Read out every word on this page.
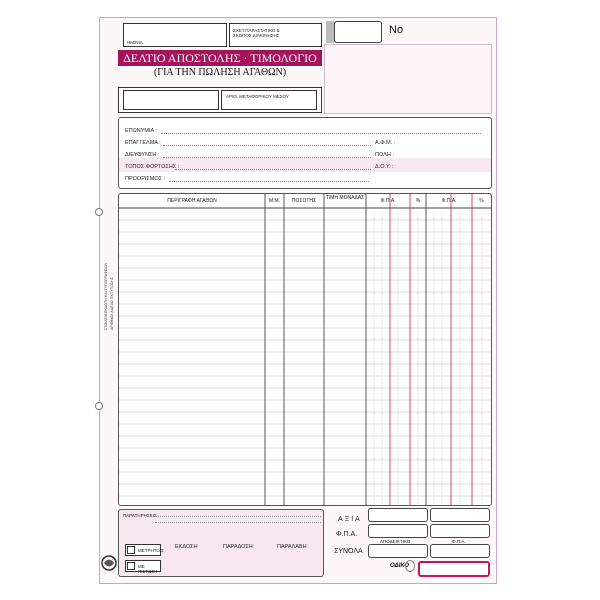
ΣΤΟΙΧΕΙΑ ΕΚΔΟΤΗ ΚΑΙ ΤΥΠΟΓΡΑΦΕΙΟΥ ΑΡΙΘΜΟΣ ΑΔΕΙΑΣ ΕΚΤΥΠΩΣΗΣ
ΗΜ/ΝΙΑ
ΣΧΕΤ.ΠΑΡΑΣΤΑΤΙΚΟ & ΣΚΟΠΟΣ ΔΙΑΚΙΝΗΣΗΣ
ΔΕΛΤΙΟ ΑΠΟΣΤΟΛΗΣ · ΤΙΜΟΛΟΓΙΟ
(ΓΙΑ ΤΗΝ ΠΩΛΗΣΗ ΑΓΑΘΩΝ)
No
ΑΡΙΘ. ΜΕΤΑΦΟΡΙΚΟΥ ΜΕΣΟΥ
ΕΠΩΝΥΜΙΑ :
ΕΠΑΓΓΕΛΜΑ :	Α.Φ.Μ. :
ΔΙΕΥΘΥΝΣΗ :	ΠΟΛΗ :
ΤΟΠΟΣ ΦΟΡΤΩΣΗΣ :	Δ.Ο.Υ. :
ΠΡΟΟΡΙΣΜΟΣ :
ΠΕΡΙΓΡΑΦΗ ΑΓΑΘΩΝ	Μ.Μ.	ΠΟΣΟΤΗΣ	ΤΙΜΗ ΜΟΝΑΔΑΣ	Φ.Π.Α.	%	Φ.Π.Α.	%
ΠΑΡΑΤΗΡΗΣΕΙΣ
ΜΕΤΡΗΤΟΙΣ
ΜΕ ΠΙΣΤΩΣΗ
ΕΚΔΟΣΗ	ΠΑΡΑΔΟΣΗ	ΠΑΡΑΛΑΒΗ
ΑΞΙΑ
Φ.Π.Α.
ΣΥΝΟΛΑ
ΑΠΟΔΕΙΚΤΙΚΟ	Φ.Π.Α.
ΟΔΙΚΟ
